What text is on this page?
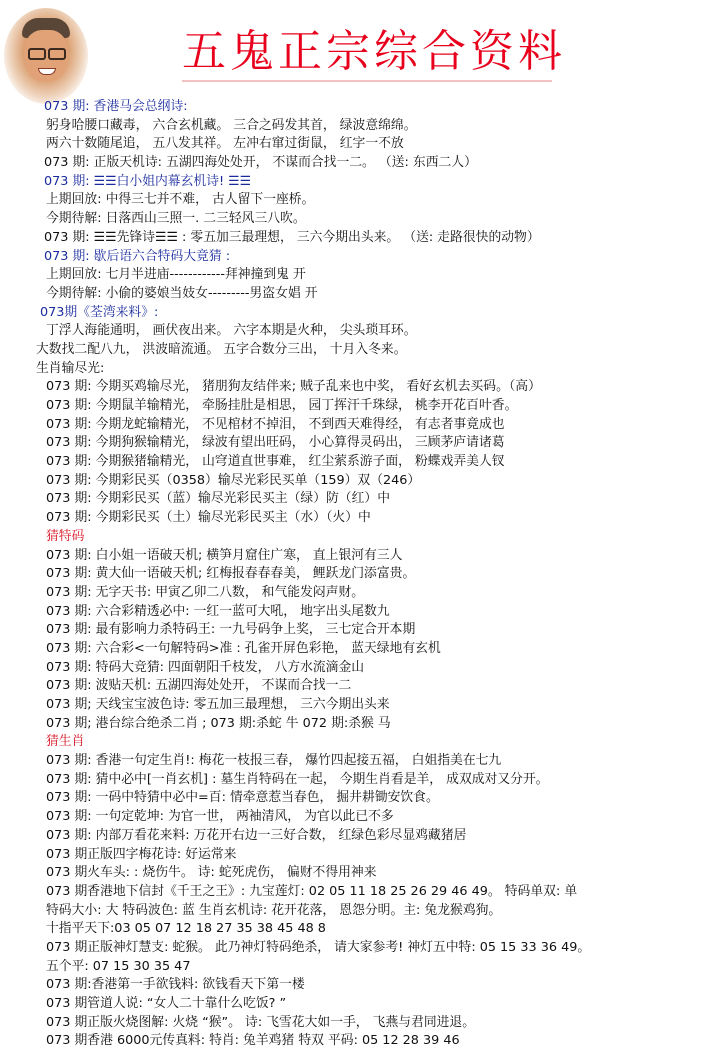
五鬼正宗综合资料
073 期: 香港马会总纲诗:
躬身哈腰口藏毒， 六合玄机藏。 三合之码发其首， 绿波意绵绵。
两六十数随尾追， 五八发其祥。 左冲右窜过街鼠， 红字一不放
073 期: 正版天机诗: 五湖四海处处开， 不谋而合找一二。 （送: 东西二人）
073 期: ☰☰白小姐内幕玄机诗! ☰☰
上期回放: 中得三七并不难， 古人留下一座桥。
今期待解: 日落西山三照一. 二三轻风三八吹。
073 期: ☰☰先锋诗☰☰ : 零五加三最理想， 三六今期出头来。 （送: 走路很快的动物）
073 期: 歇后语六合特码大竟猜 :
上期回放: 七月半进庙------------拜神撞到鬼 开
今期待解: 小偷的婆娘当妓女---------男盗女娼 开
073期《荃湾来料》:
丁浮人海能通明， 画伏夜出来。 六字本期是火种， 尖头琐耳环。
大数找二配八九， 洪波暗流通。 五字合数分三出， 十月入冬来。
生肖输尽光:
073 期: 今期买鸡输尽光， 猪朋狗友结伴来; 贼子乱来也中奖， 看好玄机去买码。（高）
073 期: 今期鼠羊输精光， 牵肠挂肚是相思， 园丁挥汗千珠绿， 桃李开花百叶香。
073 期: 今期龙蛇输精光， 不见棺材不掉泪， 不到西天难得经， 有志者事竟成也
073 期: 今期狗猴输精光， 绿波有望出旺码， 小心算得灵码出， 三顾茅庐请诸葛
073 期: 今期猴猪输精光， 山穹道直世事难， 红尘萦系游子面， 粉蝶戏弄美人钗
073 期: 今期彩民买（0358）输尽光彩民买单（159）双（246）
073 期: 今期彩民买（蓝）输尽光彩民买主（绿）防（红）中
073 期: 今期彩民买（土）输尽光彩民买主（水）（火）中
猜特码
073 期: 白小姐一语破天机; 横笋月窟住广寒， 直上银河有三人
073 期: 黄大仙一语破天机; 红梅报春春春美， 鲤跃龙门添富贵。
073 期: 无字天书: 甲寅乙卯二八数， 和气能发闷声财。
073 期: 六合彩精透必中: 一红一蓝可大吼， 地字出头尾数九
073 期: 最有影响力杀特码王: 一九号码争上奖， 三七定合开本期
073 期: 六合彩<一句解特码>准 : 孔雀开屏色彩艳， 蓝天绿地有玄机
073 期: 特码大竞猜: 四面朝阳千枝发， 八方水流滴金山
073 期: 波贴天机: 五湖四海处处开， 不谋而合找一二
073 期; 天线宝宝波色诗: 零五加三最理想， 三六今期出头来
073 期; 港台综合绝杀二肖 ; 073 期:杀蛇 牛 072 期:杀猴 马
猜生肖
073 期: 香港一句定生肖!: 梅花一枝报三春， 爆竹四起接五福， 白姐指美在七九
073 期: 猜中必中[一肖玄机] : 墓生肖特码在一起， 今期生肖看是羊， 成双成对又分开。
073 期: 一码中特猜中必中=百: 情牵意惹当春色， 掘井耕锄安饮食。
073 期: 一句定乾坤: 为官一世， 两袖清风， 为官以此已不多
073 期: 内部万看花来料: 万花开右边一三好合数， 红绿色彩尽显鸡藏猪居
073 期正版四字梅花诗: 好运常来
073 期火车头: : 烧伤牛。 诗: 蛇死虎伤， 偏财不得用神来
073 期香港地下信封《千王之王》: 九宝莲灯: 02 05 11 18 25 26 29 46 49。 特码单双: 单
特码大小: 大 特码波色: 蓝 生肖玄机诗: 花开花落， 恩怨分明。主: 兔龙猴鸡狗。
十指平天下:03 05 07 12 18 27 35 38 45 48 8
073 期正版神灯慧支: 蛇猴。 此乃神灯特码绝杀， 请大家参考! 神灯五中特: 05 15 33 36 49。
五个平: 07 15 30 35 47
073 期:香港第一手欲钱料: 欲钱看天下第一楼
073 期管道人说: “女人二十靠什么吃饭? ”
073 期正版火烧图解: 火烧 “猴”。 诗: 飞雪花大如一手， 飞燕与君同进退。
073 期香港 6000元传真料: 特肖: 兔羊鸡猪 特双 平码: 05 12 28 39 46
